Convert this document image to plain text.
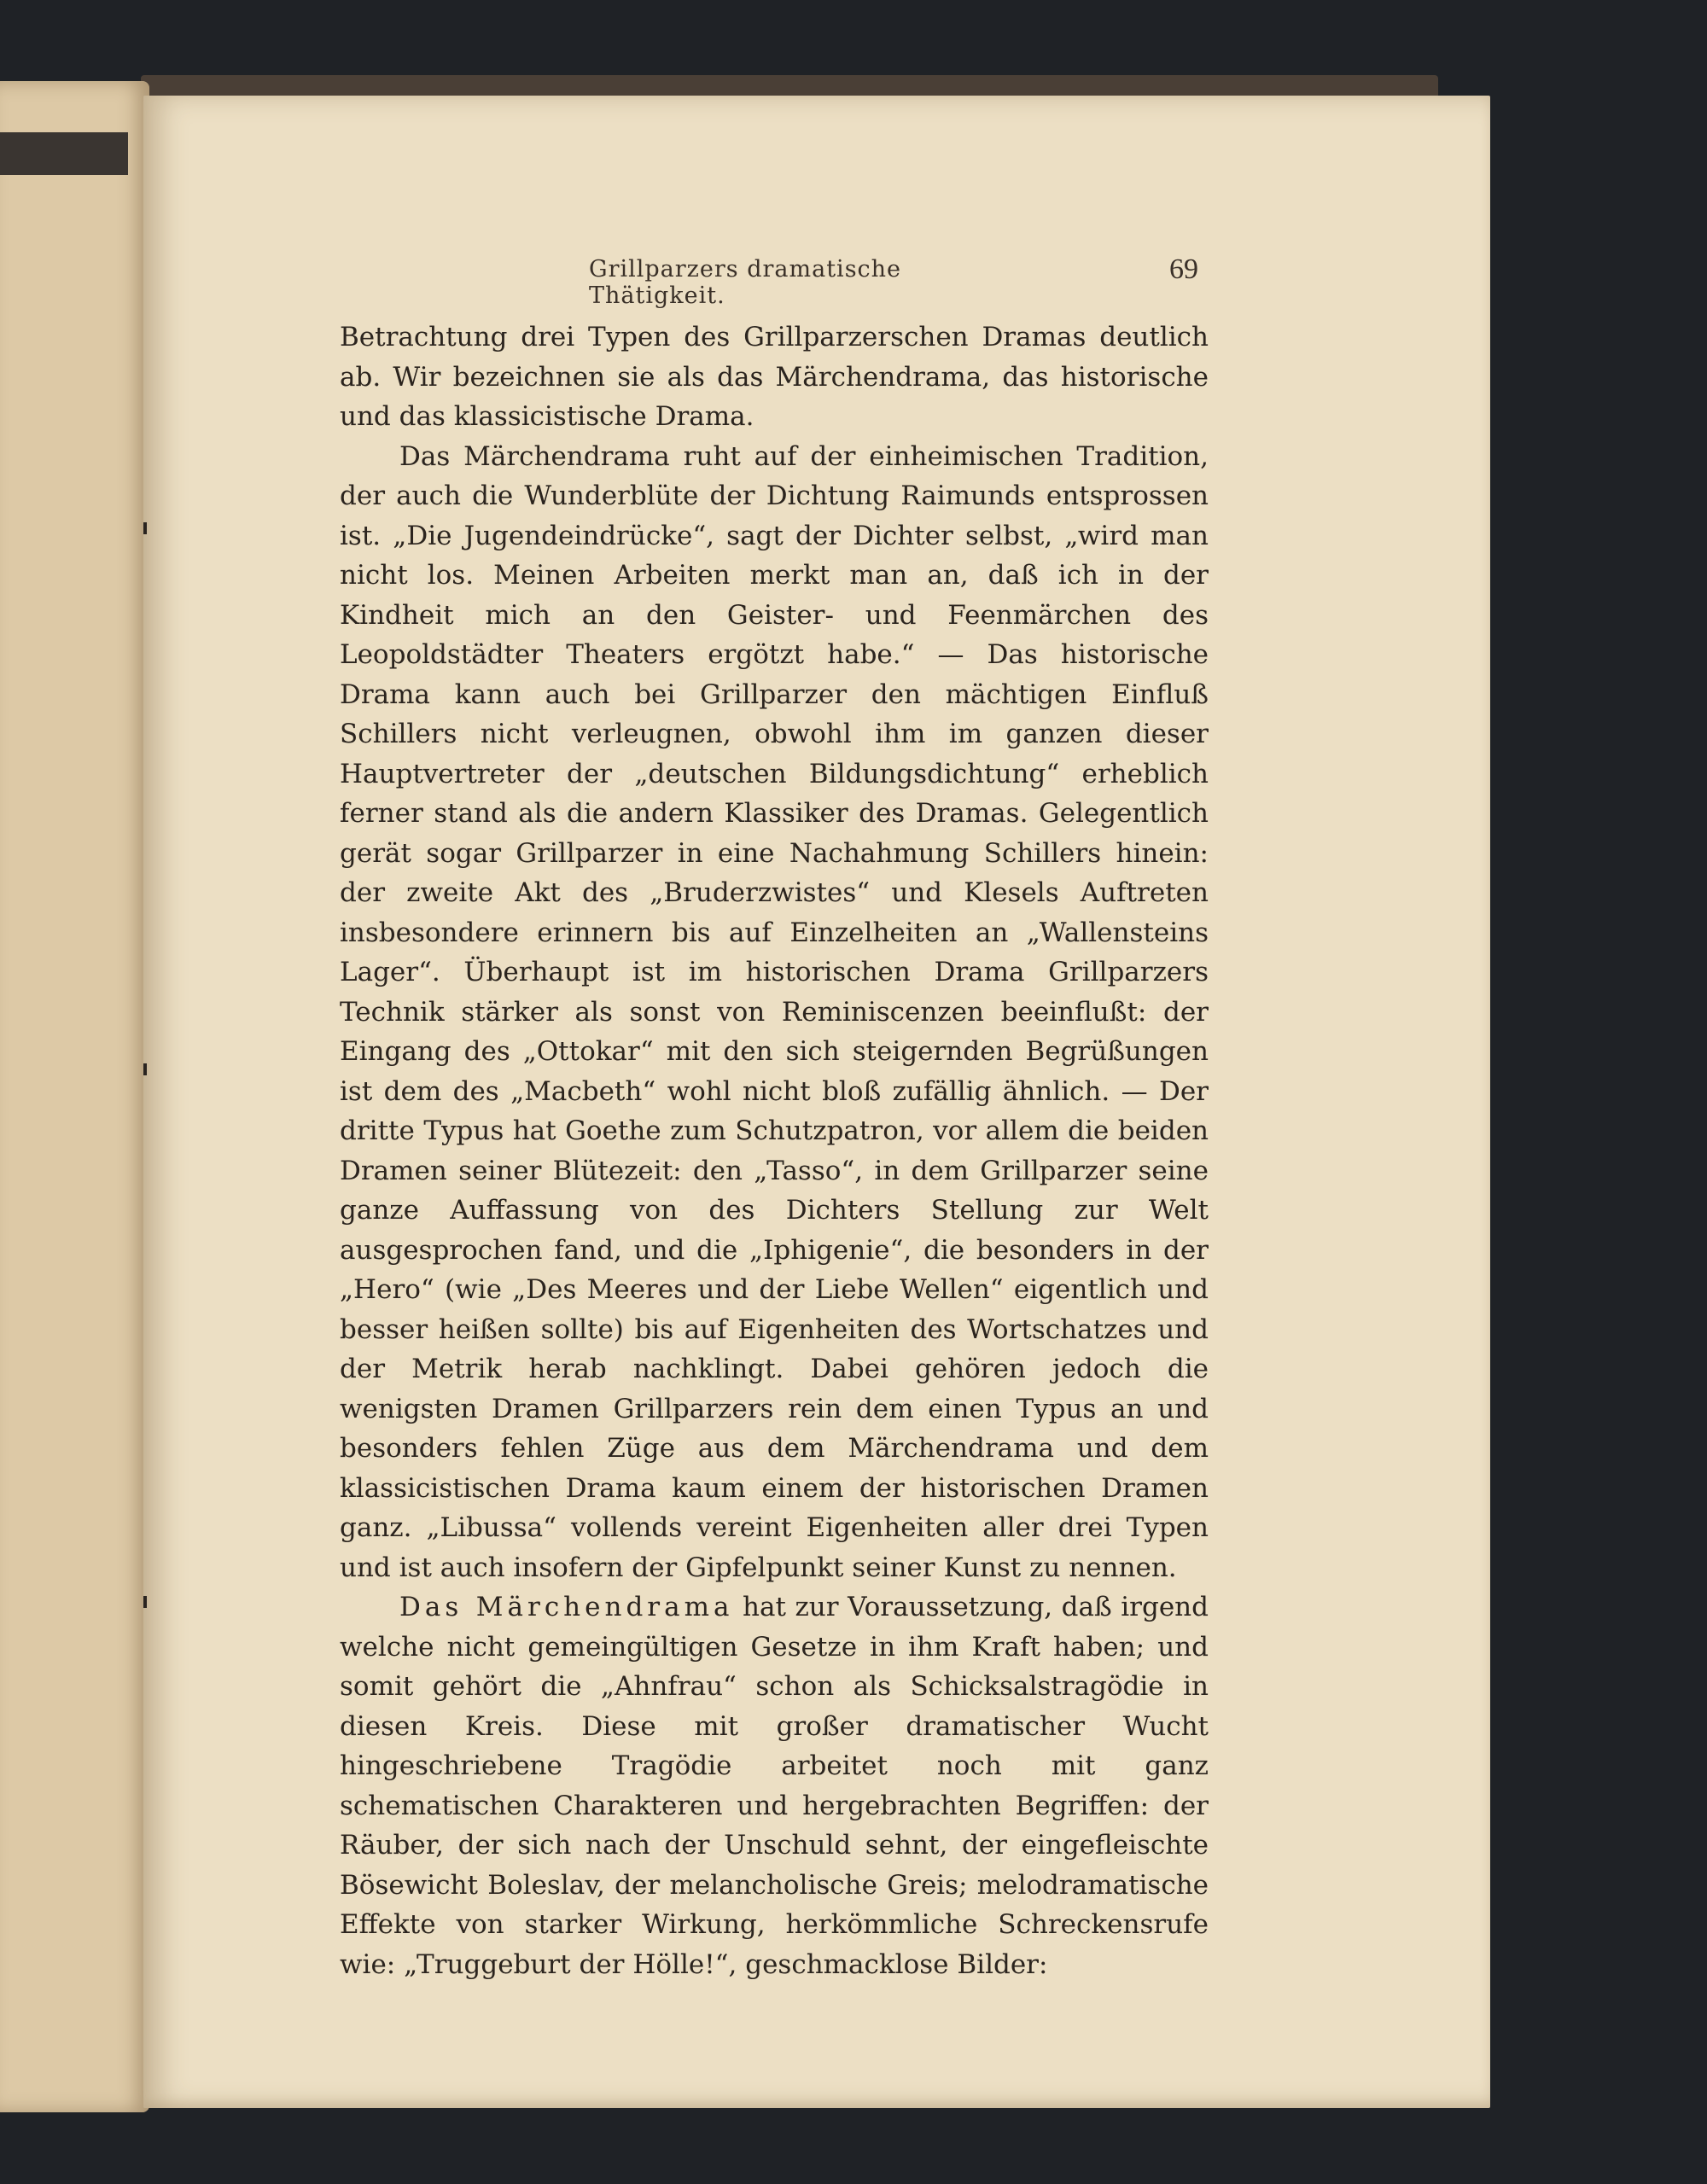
Grillparzers dramatische Thätigkeit.
69

Betrachtung drei Typen des Grillparzerschen Dramas deutlich ab. Wir bezeichnen sie als das Märchendrama, das historische und das klassicistische Drama.

Das Märchendrama ruht auf der einheimischen Tradition, der auch die Wunderblüte der Dichtung Raimunds entsprossen ist. „Die Jugendeindrücke“, sagt der Dichter selbst, „wird man nicht los. Meinen Arbeiten merkt man an, daß ich in der Kindheit mich an den Geister- und Feenmärchen des Leopoldstädter Theaters ergötzt habe.“ — Das historische Drama kann auch bei Grillparzer den mächtigen Einfluß Schillers nicht verleugnen, obwohl ihm im ganzen dieser Hauptvertreter der „deutschen Bildungsdichtung“ erheblich ferner stand als die andern Klassiker des Dramas. Gelegentlich gerät sogar Grillparzer in eine Nachahmung Schillers hinein: der zweite Akt des „Bruderzwistes“ und Klesels Auftreten insbesondere erinnern bis auf Einzelheiten an „Wallensteins Lager“. Überhaupt ist im historischen Drama Grillparzers Technik stärker als sonst von Reminiscenzen beeinflußt: der Eingang des „Ottokar“ mit den sich steigernden Begrüßungen ist dem des „Macbeth“ wohl nicht bloß zufällig ähnlich. — Der dritte Typus hat Goethe zum Schutzpatron, vor allem die beiden Dramen seiner Blütezeit: den „Tasso“, in dem Grillparzer seine ganze Auffassung von des Dichters Stellung zur Welt ausgesprochen fand, und die „Iphigenie“, die besonders in der „Hero“ (wie „Des Meeres und der Liebe Wellen“ eigentlich und besser heißen sollte) bis auf Eigenheiten des Wortschatzes und der Metrik herab nachklingt. Dabei gehören jedoch die wenigsten Dramen Grillparzers rein dem einen Typus an und besonders fehlen Züge aus dem Märchendrama und dem klassicistischen Drama kaum einem der historischen Dramen ganz. „Libussa“ vollends vereint Eigenheiten aller drei Typen und ist auch insofern der Gipfelpunkt seiner Kunst zu nennen.

Das Märchendrama hat zur Voraussetzung, daß irgend welche nicht gemeingültigen Gesetze in ihm Kraft haben; und somit gehört die „Ahnfrau“ schon als Schicksalstragödie in diesen Kreis. Diese mit großer dramatischer Wucht hingeschriebene Tragödie arbeitet noch mit ganz schematischen Charakteren und hergebrachten Begriffen: der Räuber, der sich nach der Unschuld sehnt, der eingefleischte Bösewicht Boleslav, der melancholische Greis; melodramatische Effekte von starker Wirkung, herkömmliche Schreckensrufe wie: „Truggeburt der Hölle!“, geschmacklose Bilder:
